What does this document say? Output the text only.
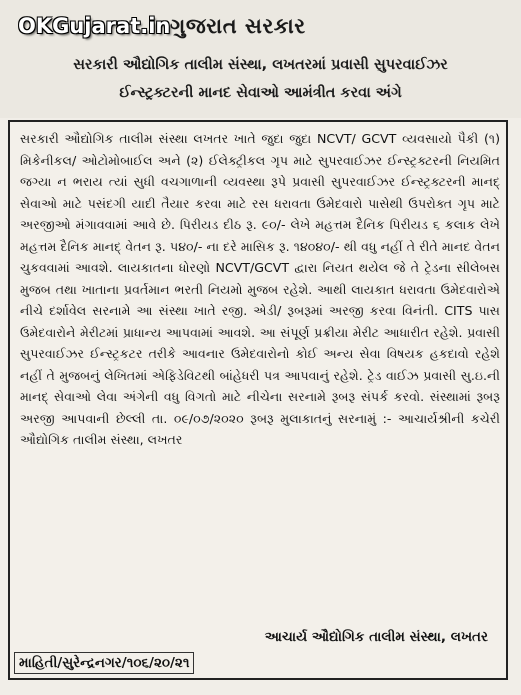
OKGujarat.in ગુજરાત સરકાર
સરકારી ઔદ્યોગિક તાલીમ સંસ્થા, લખતરમાં પ્રવાસી સુપરવાઈઝર
ઈન્સ્ટ્રક્ટરની માનદ સેવાઓ આમંત્રીત કરવા અંગે

સરકારી ઔદ્યોગિક તાલીમ સંસ્થા લખતર ખાતે જુદા જુદા NCVT/ GCVT વ્યવસાયો પૈકી (૧) મિકેનીકલ/ ઓટોમોબાઈલ અને (૨) ઈલેક્ટ્રીકલ ગૃપ માટે સુપરવાઈઝર ઈન્સ્ટ્રક્ટરની નિયમિત જગ્યા ન ભરાય ત્યાં સુધી વચગાળાની વ્યવસ્થા રૂપે પ્રવાસી સુપરવાઈઝર ઈન્સ્ટ્રક્ટરની માનદ્ સેવાઓ માટે પસંદગી યાદી તૈયાર કરવા માટે રસ ધરાવતા ઉમેદવારો પાસેથી ઉપરોક્ત ગૃપ માટે અરજીઓ મંગાવવામાં આવે છે. પિરીયડ દીઠ રૂ. ૯૦/- લેખે મહત્તમ દૈનિક પિરીયડ ૬ કલાક લેખે મહત્તમ દૈનિક માનદ્ વેતન રૂ. ૫૪૦/- ના દરે માસિક રૂ. ૧૪૦૪૦/- થી વધુ નહીં તે રીતે માનદ વેતન ચુકવવામાં આવશે. લાયકાતના ધોરણો NCVT/GCVT દ્વારા નિયત થયેલ જે તે ટ્રેડના સીલેબસ મુજબ તથા ખાતાના પ્રવર્તમાન ભરતી નિયમો મુજબ રહેશે. આથી લાયકાત ધરાવતા ઉમેદવારોએ નીચે દર્શાવેલ સરનામે આ સંસ્થા ખાતે રજી. એડી/ રૂબરૂમાં અરજી કરવા વિનંતી. CITS પાસ ઉમેદવારોને મેરીટમાં પ્રાધાન્ય આપવામાં આવશે. આ સંપૂર્ણ પ્રક્રીયા મેરીટ આધારીત રહેશે. પ્રવાસી સુપરવાઈઝર ઈન્સ્ટ્રકટર તરીકે આવનાર ઉમેદવારોનો કોઈ અન્ય સેવા વિષયક હકદાવો રહેશે નહીં તે મુજબનું લેખિતમાં એફિડેવિટથી બાંહેધરી પત્ર આપવાનું રહેશે. ટ્રેડ વાઈઝ પ્રવાસી સુ.ઇ.ની માનદ્ સેવાઓ લેવા અંગેની વધુ વિગતો માટે નીચેના સરનામે રૂબરૂ સંપર્ક કરવો. સંસ્થામાં રૂબરૂ અરજી આપવાની છેલ્લી તા. ૦૯/૦૭/૨૦૨૦ રૂબરૂ મુલાકાતનું સરનામું :- આચાર્યશ્રીની કચેરી ઔદ્યોગિક તાલીમ સંસ્થા, લખતર

આચાર્ય ઔદ્યોગિક તાલીમ સંસ્થા, લખતર
માહિતી/સુરેન્દ્રનગર/૧૦૬/૨૦/૨૧
